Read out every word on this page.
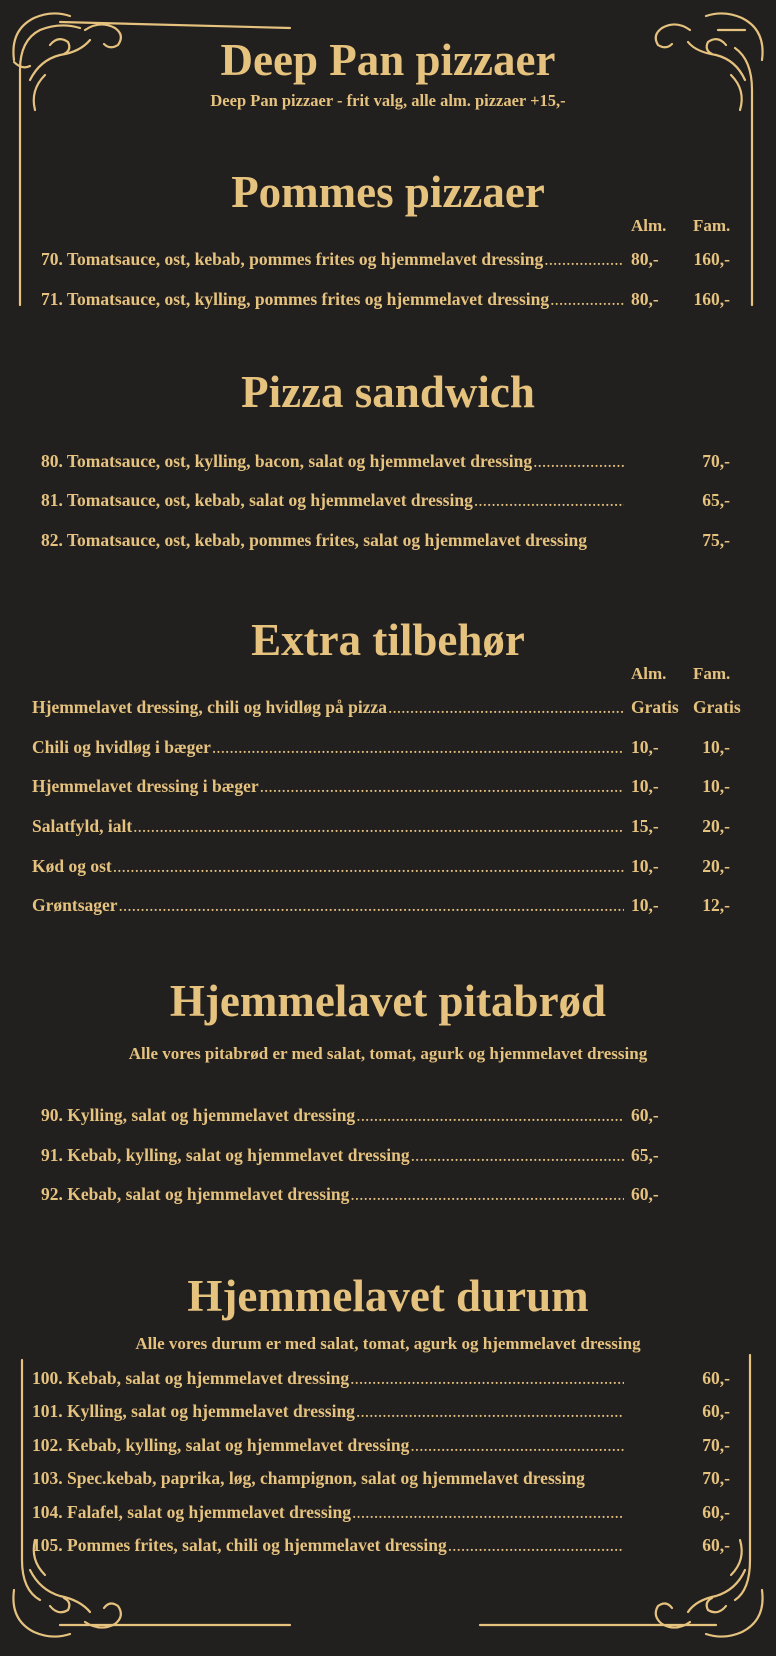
Deep Pan pizzaer
Deep Pan pizzaer - frit valg, alle alm. pizzaer +15,-
Pommes pizzaer
Alm. Fam.
70. Tomatsauce, ost, kebab, pommes frites og hjemmelavet dressing .....	80,- 160,-
71. Tomatsauce, ost, kylling, pommes frites og hjemmelavet dressing .....	80,- 160,-
Pizza sandwich
80. Tomatsauce, ost, kylling, bacon, salat og hjemmelavet dressing .....	70,-
81. Tomatsauce, ost, kebab, salat og hjemmelavet dressing .....	65,-
82. Tomatsauce, ost, kebab, pommes frites, salat og hjemmelavet dressing	75,-
Extra tilbehør
Alm. Fam.
Hjemmelavet dressing, chili og hvidløg på pizza .....	Gratis Gratis
Chili og hvidløg i bæger .....	10,-	10,-
Hjemmelavet dressing i bæger .....	10,-	10,-
Salatfyld, ialt .....	15,-	20,-
Kød og ost .....	10,-	20,-
Grøntsager .....	10,-	12,-
Hjemmelavet pitabrød
Alle vores pitabrød er med salat, tomat, agurk og hjemmelavet dressing
90. Kylling, salat og hjemmelavet dressing .....	60,-
91. Kebab, kylling, salat og hjemmelavet dressing .....	65,-
92. Kebab, salat og hjemmelavet dressing .....	60,-
Hjemmelavet durum
Alle vores durum er med salat, tomat, agurk og hjemmelavet dressing
100. Kebab, salat og hjemmelavet dressing .....	60,-
101. Kylling, salat og hjemmelavet dressing .....	60,-
102. Kebab, kylling, salat og hjemmelavet dressing .....	70,-
103. Spec.kebab, paprika, løg, champignon, salat og hjemmelavet dressing	70,-
104. Falafel, salat og hjemmelavet dressing .....	60,-
105. Pommes frites, salat, chili og hjemmelavet dressing .....	60,-
